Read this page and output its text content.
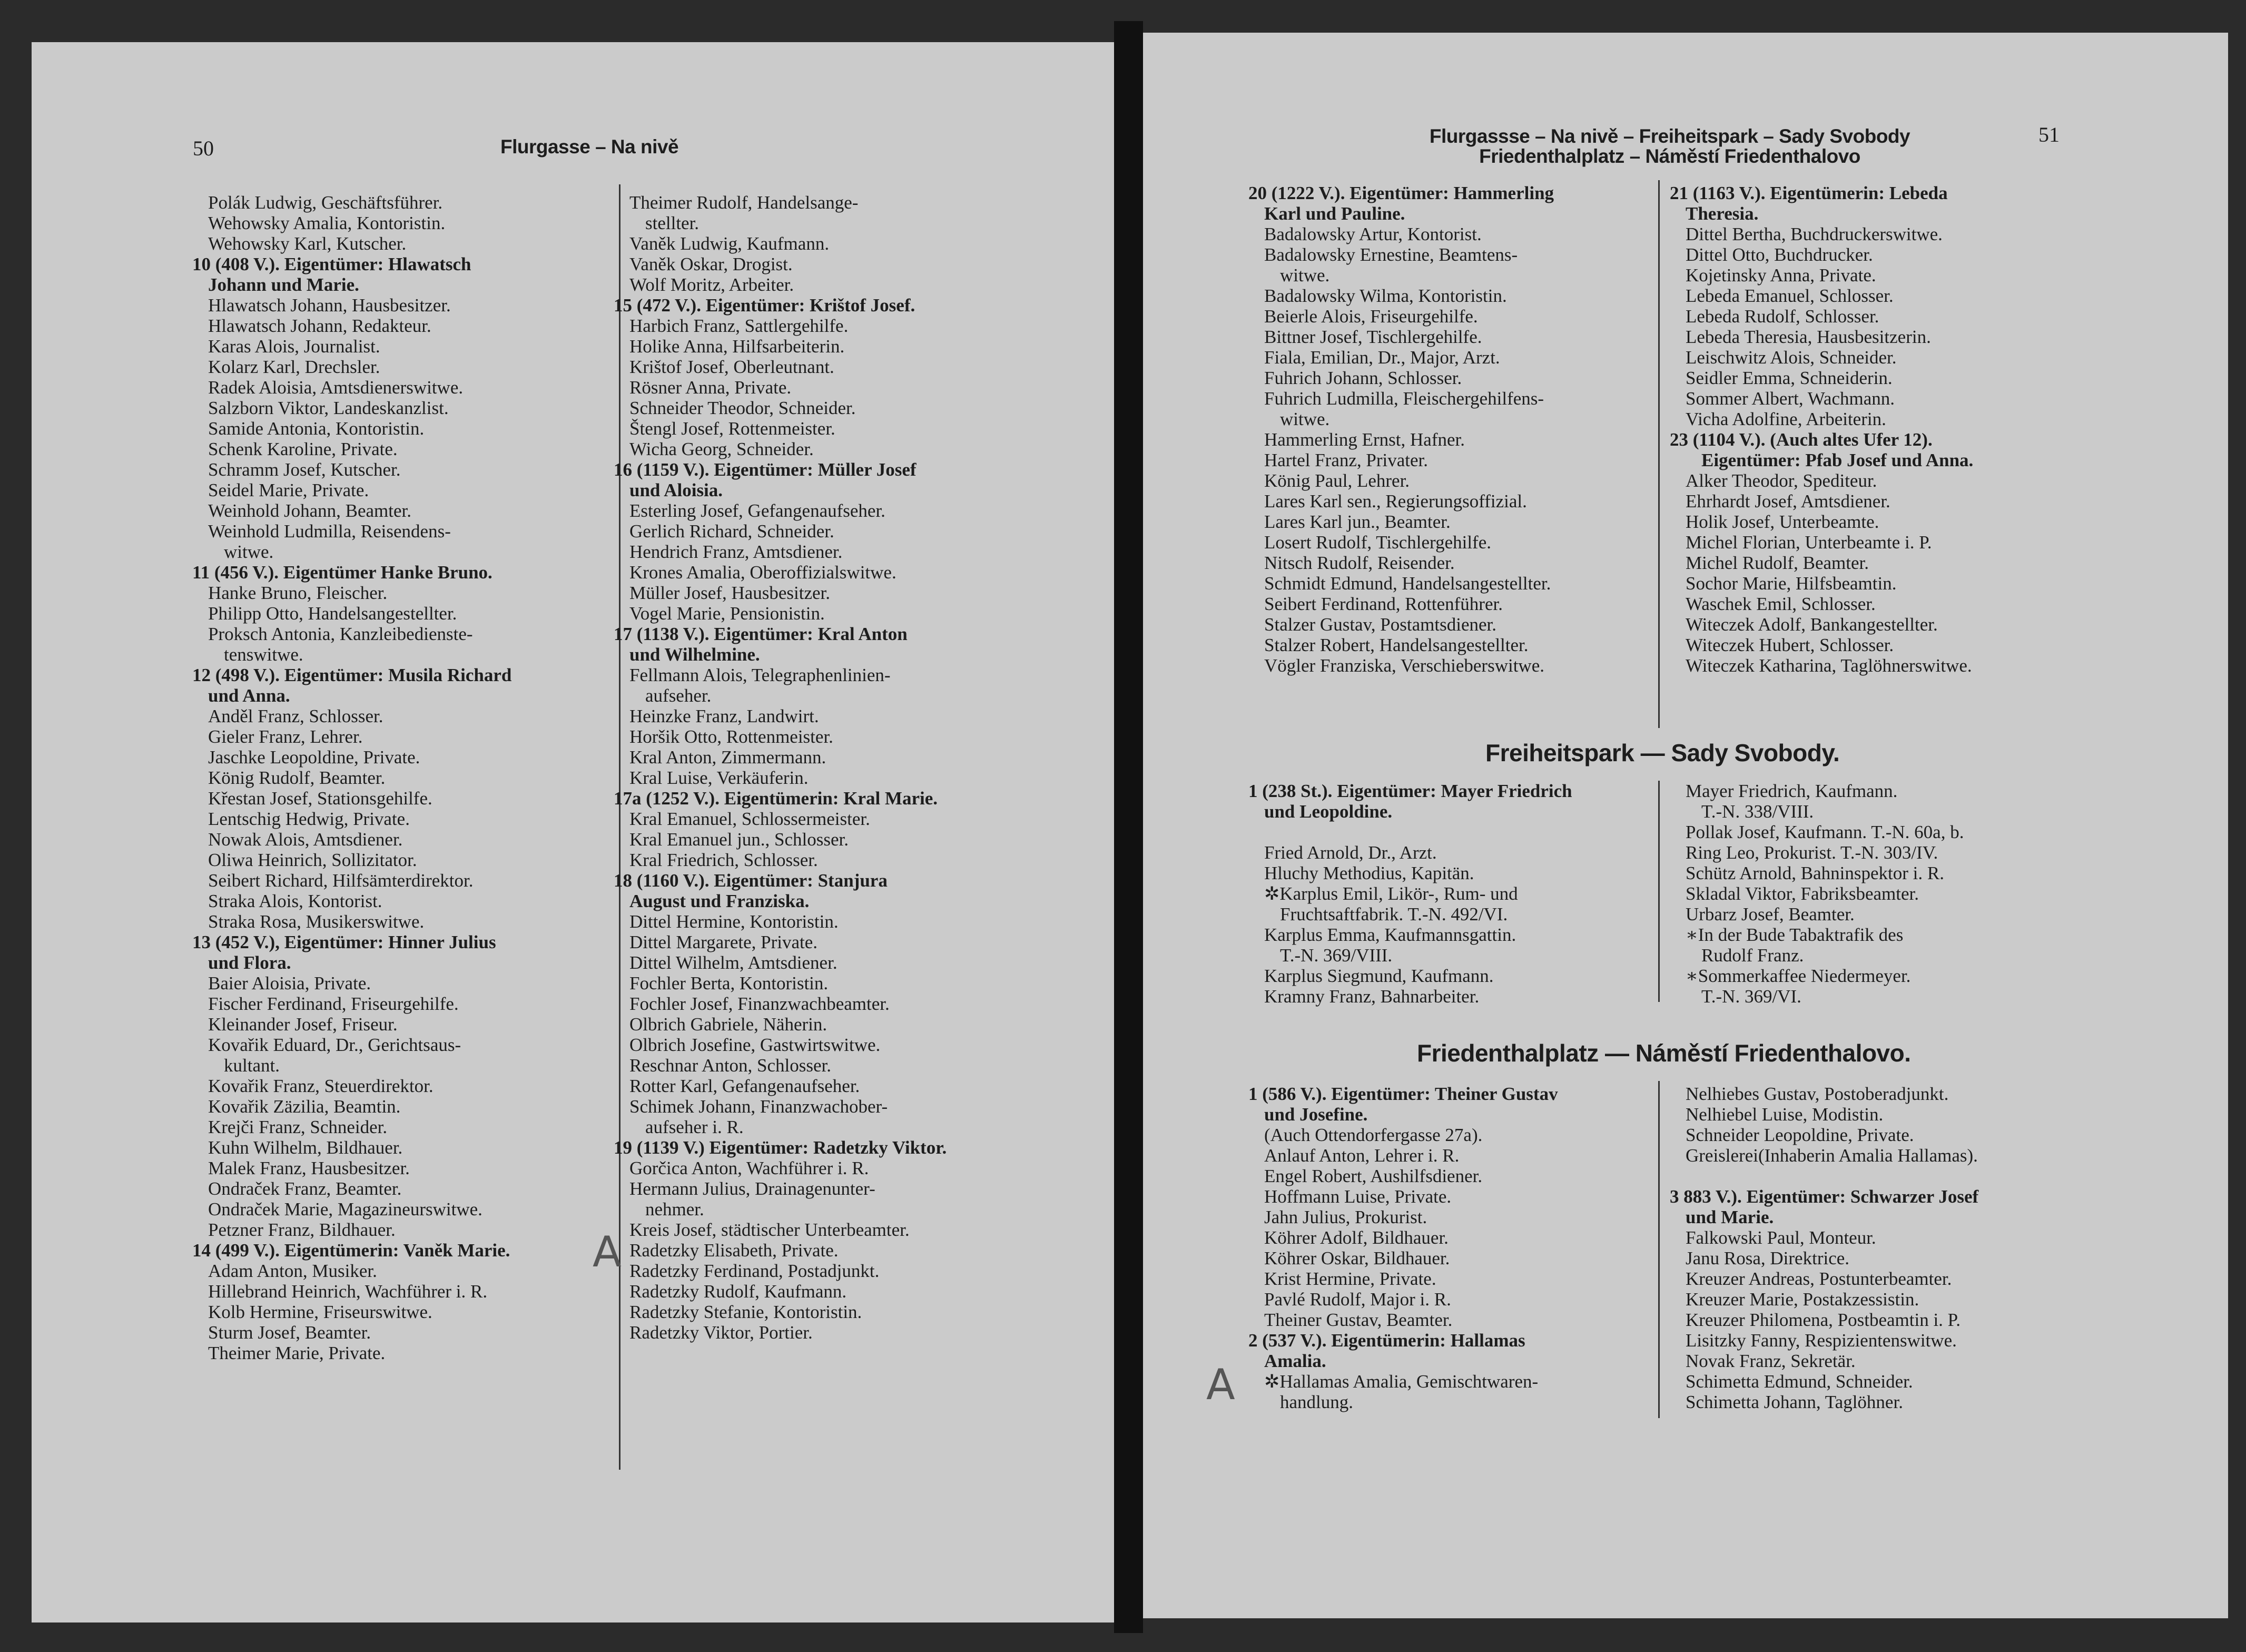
50	Flurgasse – Na nivě
Polák Ludwig, Geschäftsführer.
Wehowsky Amalia, Kontoristin.
Wehowsky Karl, Kutscher.
10 (408 V.). Eigentümer: Hlawatsch
Johann und Marie.
Hlawatsch Johann, Hausbesitzer.
Hlawatsch Johann, Redakteur.
Karas Alois, Journalist.
Kolarz Karl, Drechsler.
Radek Aloisia, Amtsdienerswitwe.
Salzborn Viktor, Landeskanzlist.
Samide Antonia, Kontoristin.
Schenk Karoline, Private.
Schramm Josef, Kutscher.
Seidel Marie, Private.
Weinhold Johann, Beamter.
Weinhold Ludmilla, Reisendens-
witwe.
11 (456 V.). Eigentümer Hanke Bruno.
Hanke Bruno, Fleischer.
Philipp Otto, Handelsangestellter.
Proksch Antonia, Kanzleibedienste-
tenswitwe.
12 (498 V.). Eigentümer: Musila Richard
und Anna.
Anděl Franz, Schlosser.
Gieler Franz, Lehrer.
Jaschke Leopoldine, Private.
König Rudolf, Beamter.
Křestan Josef, Stationsgehilfe.
Lentschig Hedwig, Private.
Nowak Alois, Amtsdiener.
Oliwa Heinrich, Sollizitator.
Seibert Richard, Hilfsämterdirektor.
Straka Alois, Kontorist.
Straka Rosa, Musikerswitwe.
13 (452 V.), Eigentümer: Hinner Julius
und Flora.
Baier Aloisia, Private.
Fischer Ferdinand, Friseurgehilfe.
Kleinander Josef, Friseur.
Kovařik Eduard, Dr., Gerichtsaus-
kultant.
Kovařik Franz, Steuerdirektor.
Kovařik Zäzilia, Beamtin.
Krejči Franz, Schneider.
Kuhn Wilhelm, Bildhauer.
Malek Franz, Hausbesitzer.
Ondraček Franz, Beamter.
Ondraček Marie, Magazineurswitwe.
Petzner Franz, Bildhauer.
14 (499 V.). Eigentümerin: Vaněk Marie.
Adam Anton, Musiker.
Hillebrand Heinrich, Wachführer i. R.
Kolb Hermine, Friseurswitwe.
Sturm Josef, Beamter.
Theimer Marie, Private.
Theimer Rudolf, Handelsange-
stellter.
Vaněk Ludwig, Kaufmann.
Vaněk Oskar, Drogist.
Wolf Moritz, Arbeiter.
15 (472 V.). Eigentümer: Krištof Josef.
Harbich Franz, Sattlergehilfe.
Holike Anna, Hilfsarbeiterin.
Krištof Josef, Oberleutnant.
Rösner Anna, Private.
Schneider Theodor, Schneider.
Štengl Josef, Rottenmeister.
Wicha Georg, Schneider.
16 (1159 V.). Eigentümer: Müller Josef
und Aloisia.
Esterling Josef, Gefangenaufseher.
Gerlich Richard, Schneider.
Hendrich Franz, Amtsdiener.
Krones Amalia, Oberoffizialswitwe.
Müller Josef, Hausbesitzer.
Vogel Marie, Pensionistin.
17 (1138 V.). Eigentümer: Kral Anton
und Wilhelmine.
Fellmann Alois, Telegraphenlinien-
aufseher.
Heinzke Franz, Landwirt.
Horšik Otto, Rottenmeister.
Kral Anton, Zimmermann.
Kral Luise, Verkäuferin.
17a (1252 V.). Eigentümerin: Kral Marie.
Kral Emanuel, Schlossermeister.
Kral Emanuel jun., Schlosser.
Kral Friedrich, Schlosser.
18 (1160 V.). Eigentümer: Stanjura
August und Franziska.
Dittel Hermine, Kontoristin.
Dittel Margarete, Private.
Dittel Wilhelm, Amtsdiener.
Fochler Berta, Kontoristin.
Fochler Josef, Finanzwachbeamter.
Olbrich Gabriele, Näherin.
Olbrich Josefine, Gastwirtswitwe.
Reschnar Anton, Schlosser.
Rotter Karl, Gefangenaufseher.
Schimek Johann, Finanzwachober-
aufseher i. R.
19 (1139 V.) Eigentümer: Radetzky Viktor.
Gorčica Anton, Wachführer i. R.
Hermann Julius, Drainagenunter-
nehmer.
Kreis Josef, städtischer Unterbeamter.
Radetzky Elisabeth, Private.
Radetzky Ferdinand, Postadjunkt.
Radetzky Rudolf, Kaufmann.
Radetzky Stefanie, Kontoristin.
Radetzky Viktor, Portier.
A
Flurgassse – Na nivě – Freiheitspark – Sady Svobody
Friedenthalplatz – Náměstí Friedenthalovo
51
20 (1222 V.). Eigentümer: Hammerling
Karl und Pauline.
Badalowsky Artur, Kontorist.
Badalowsky Ernestine, Beamtens-
witwe.
Badalowsky Wilma, Kontoristin.
Beierle Alois, Friseurgehilfe.
Bittner Josef, Tischlergehilfe.
Fiala, Emilian, Dr., Major, Arzt.
Fuhrich Johann, Schlosser.
Fuhrich Ludmilla, Fleischergehilfens-
witwe.
Hammerling Ernst, Hafner.
Hartel Franz, Privater.
König Paul, Lehrer.
Lares Karl sen., Regierungsoffizial.
Lares Karl jun., Beamter.
Losert Rudolf, Tischlergehilfe.
Nitsch Rudolf, Reisender.
Schmidt Edmund, Handelsangestellter.
Seibert Ferdinand, Rottenführer.
Stalzer Gustav, Postamtsdiener.
Stalzer Robert, Handelsangestellter.
Vögler Franziska, Verschieberswitwe.
21 (1163 V.). Eigentümerin: Lebeda
Theresia.
Dittel Bertha, Buchdruckerswitwe.
Dittel Otto, Buchdrucker.
Kojetinsky Anna, Private.
Lebeda Emanuel, Schlosser.
Lebeda Rudolf, Schlosser.
Lebeda Theresia, Hausbesitzerin.
Leischwitz Alois, Schneider.
Seidler Emma, Schneiderin.
Sommer Albert, Wachmann.
Vicha Adolfine, Arbeiterin.
23 (1104 V.). (Auch altes Ufer 12).
Eigentümer: Pfab Josef und Anna.
Alker Theodor, Spediteur.
Ehrhardt Josef, Amtsdiener.
Holik Josef, Unterbeamte.
Michel Florian, Unterbeamte i. P.
Michel Rudolf, Beamter.
Sochor Marie, Hilfsbeamtin.
Waschek Emil, Schlosser.
Witeczek Adolf, Bankangestellter.
Witeczek Hubert, Schlosser.
Witeczek Katharina, Taglöhnerswitwe.
Freiheitspark — Sady Svobody.
1 (238 St.). Eigentümer: Mayer Friedrich
und Leopoldine.
Fried Arnold, Dr., Arzt.
Hluchy Methodius, Kapitän.
✲Karplus Emil, Likör-, Rum- und
Fruchtsaftfabrik. T.-N. 492/VI.
Karplus Emma, Kaufmannsgattin.
T.-N. 369/VIII.
Karplus Siegmund, Kaufmann.
Kramny Franz, Bahnarbeiter.
Mayer Friedrich, Kaufmann.
T.-N. 338/VIII.
Pollak Josef, Kaufmann. T.-N. 60a, b.
Ring Leo, Prokurist. T.-N. 303/IV.
Schütz Arnold, Bahninspektor i. R.
Skladal Viktor, Fabriksbeamter.
Urbarz Josef, Beamter.
∗In der Bude Tabaktrafik des
Rudolf Franz.
∗Sommerkaffee Niedermeyer.
T.-N. 369/VI.
Friedenthalplatz — Náměstí Friedenthalovo.
1 (586 V.). Eigentümer: Theiner Gustav
und Josefine.
(Auch Ottendorfergasse 27a).
Anlauf Anton, Lehrer i. R.
Engel Robert, Aushilfsdiener.
Hoffmann Luise, Private.
Jahn Julius, Prokurist.
Köhrer Adolf, Bildhauer.
Köhrer Oskar, Bildhauer.
Krist Hermine, Private.
Pavlé Rudolf, Major i. R.
Theiner Gustav, Beamter.
2 (537 V.). Eigentümerin: Hallamas
Amalia.
✲Hallamas Amalia, Gemischtwaren-
handlung.
Nelhiebes Gustav, Postoberadjunkt.
Nelhiebel Luise, Modistin.
Schneider Leopoldine, Private.
Greislerei(Inhaberin Amalia Hallamas).
3 883 V.). Eigentümer: Schwarzer Josef
und Marie.
Falkowski Paul, Monteur.
Janu Rosa, Direktrice.
Kreuzer Andreas, Postunterbeamter.
Kreuzer Marie, Postakzessistin.
Kreuzer Philomena, Postbeamtin i. P.
Lisitzky Fanny, Respizientenswitwe.
Novak Franz, Sekretär.
Schimetta Edmund, Schneider.
Schimetta Johann, Taglöhner.
A
